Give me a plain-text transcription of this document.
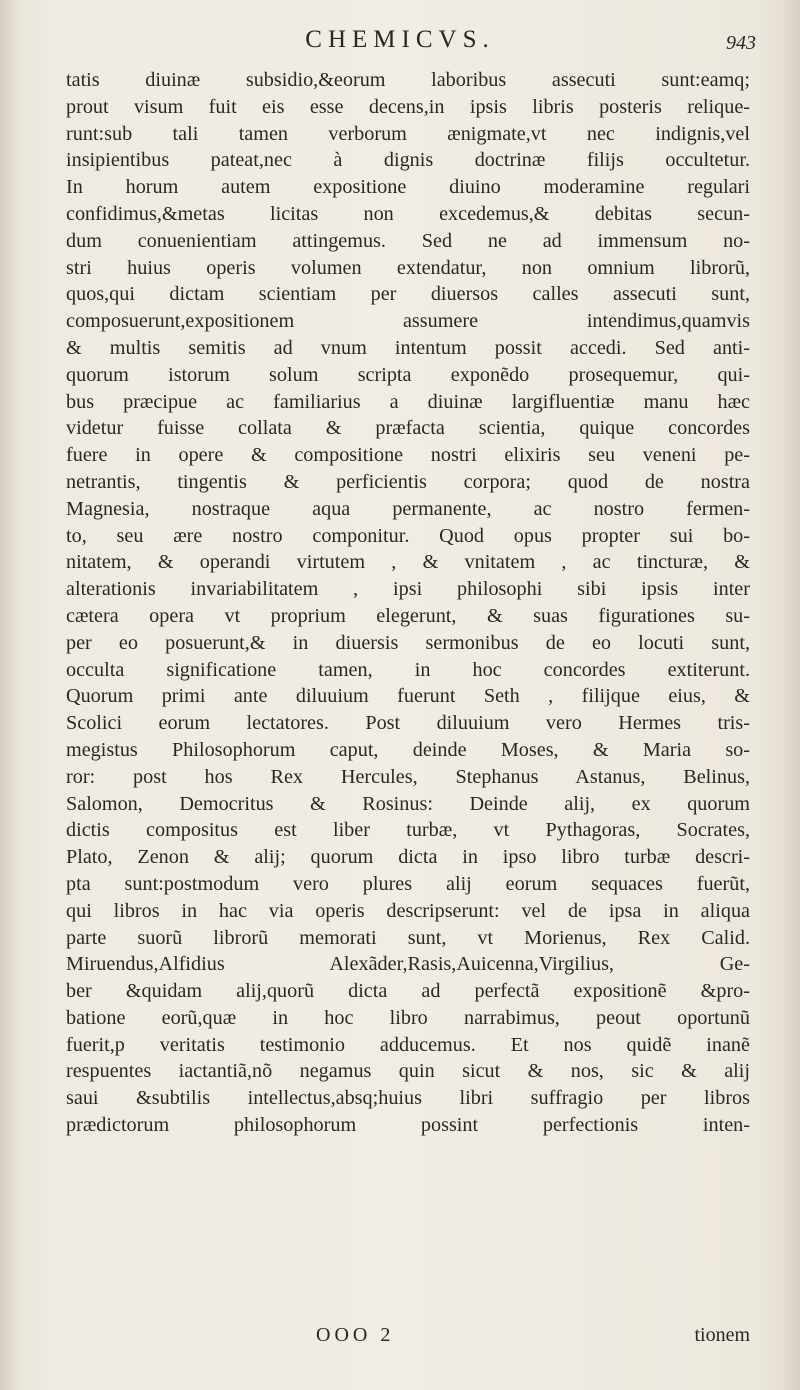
CHEMICVS.	943
tatis diuinæ subsidio,&eorum laboribus assecuti sunt:eamq;
prout visum fuit eis esse decens,in ipsis libris posteris relique-
runt:sub tali tamen verborum ænigmate,vt nec indignis,vel
insipientibus pateat,nec à dignis doctrinæ filijs occultetur.
In horum autem expositione diuino moderamine regulari
confidimus,&metas licitas non excedemus,& debitas secun-
dum conuenientiam attingemus. Sed ne ad immensum no-
stri huius operis volumen extendatur, non omnium librorũ,
quos,qui dictam scientiam per diuersos calles assecuti sunt,
composuerunt,expositionem assumere intendimus,quamvis
& multis semitis ad vnum intentum possit accedi. Sed anti-
quorum istorum solum scripta exponẽdo prosequemur, qui-
bus præcipue ac familiarius a diuinæ largifluentiæ manu hæc
videtur fuisse collata & præfacta scientia, quique concordes
fuere in opere & compositione nostri elixiris seu veneni pe-
netrantis, tingentis & perficientis corpora; quod de nostra
Magnesia, nostraque aqua permanente, ac nostro fermen-
to, seu ære nostro componitur. Quod opus propter sui bo-
nitatem, & operandi virtutem , & vnitatem , ac tincturæ, &
alterationis invariabilitatem , ipsi philosophi sibi ipsis inter
cætera opera vt proprium elegerunt, & suas figurationes su-
per eo posuerunt,& in diuersis sermonibus de eo locuti sunt,
occulta significatione tamen, in hoc concordes extiterunt.
Quorum primi ante diluuium fuerunt Seth , filijque eius, &
Scolici eorum lectatores. Post diluuium vero Hermes tris-
megistus Philosophorum caput, deinde Moses, & Maria so-
ror: post hos Rex Hercules, Stephanus Astanus, Belinus,
Salomon, Democritus & Rosinus: Deinde alij, ex quorum
dictis compositus est liber turbæ, vt Pythagoras, Socrates,
Plato, Zenon & alij; quorum dicta in ipso libro turbæ descri-
pta sunt:postmodum vero plures alij eorum sequaces fuerũt,
qui libros in hac via operis descripserunt: vel de ipsa in aliqua
parte suorũ librorũ memorati sunt, vt Morienus, Rex Calid.
Miruendus,Alfidius Alexãder,Rasis,Auicenna,Virgilius, Ge-
ber &quidam alij,quorũ dicta ad perfectã expositionẽ &pro-
batione eorũ,quæ in hoc libro narrabimus, peout oportunũ
fuerit,p veritatis testimonio adducemus. Et nos quidẽ inanẽ
respuentes iactantiã,nõ negamus quin sicut & nos, sic & alij
saui &subtilis intellectus,absq;huius libri suffragio per libros
prædictorum philosophorum possint perfectionis inten-
OOO 2	tionem
